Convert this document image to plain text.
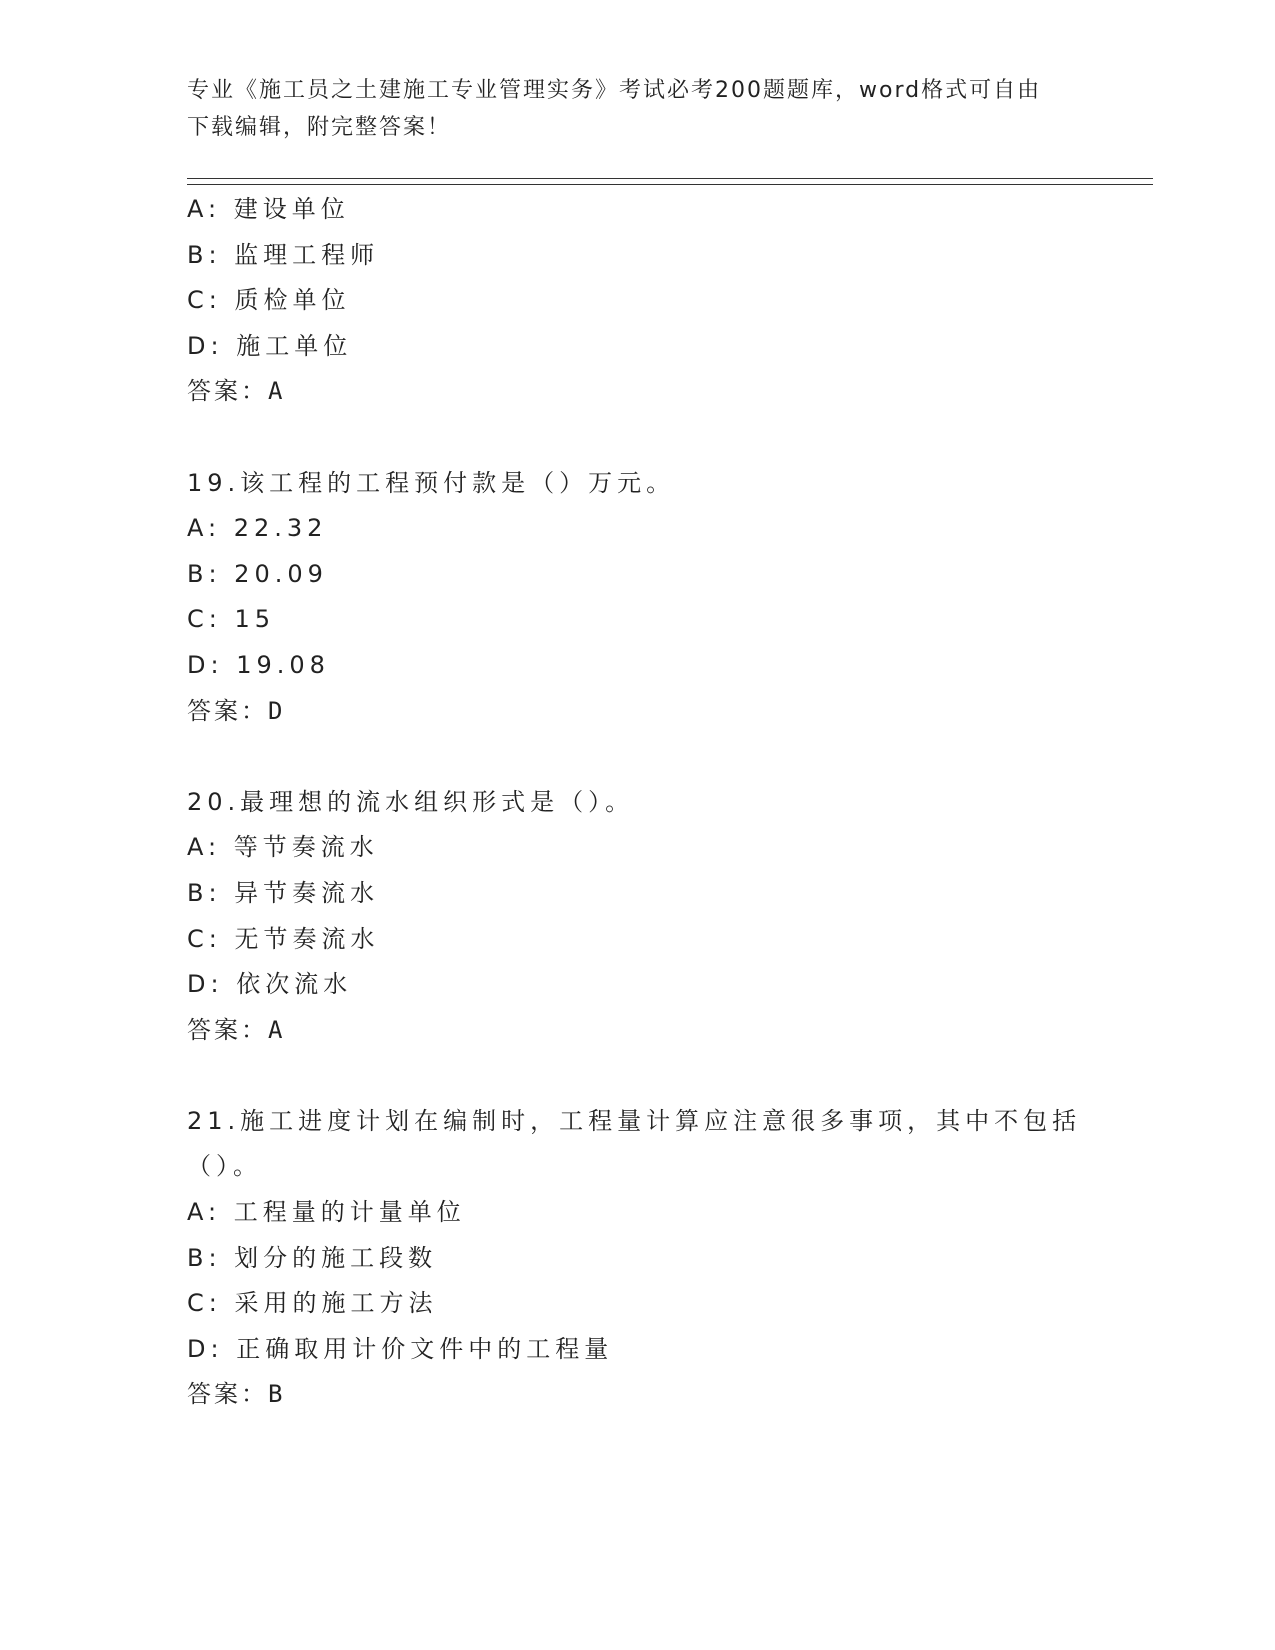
专业《施工员之土建施工专业管理实务》考试必考200题题库，word格式可自由
下载编辑，附完整答案！
A: 建设单位
B: 监理工程师
C: 质检单位
D: 施工单位
答案：A
19.该工程的工程预付款是（）万元。
A: 22.32
B: 20.09
C: 15
D: 19.08
答案：D
20.最理想的流水组织形式是（）。
A: 等节奏流水
B: 异节奏流水
C: 无节奏流水
D: 依次流水
答案：A
21.施工进度计划在编制时，工程量计算应注意很多事项，其中不包括
（）。
A: 工程量的计量单位
B: 划分的施工段数
C: 采用的施工方法
D: 正确取用计价文件中的工程量
答案：B
